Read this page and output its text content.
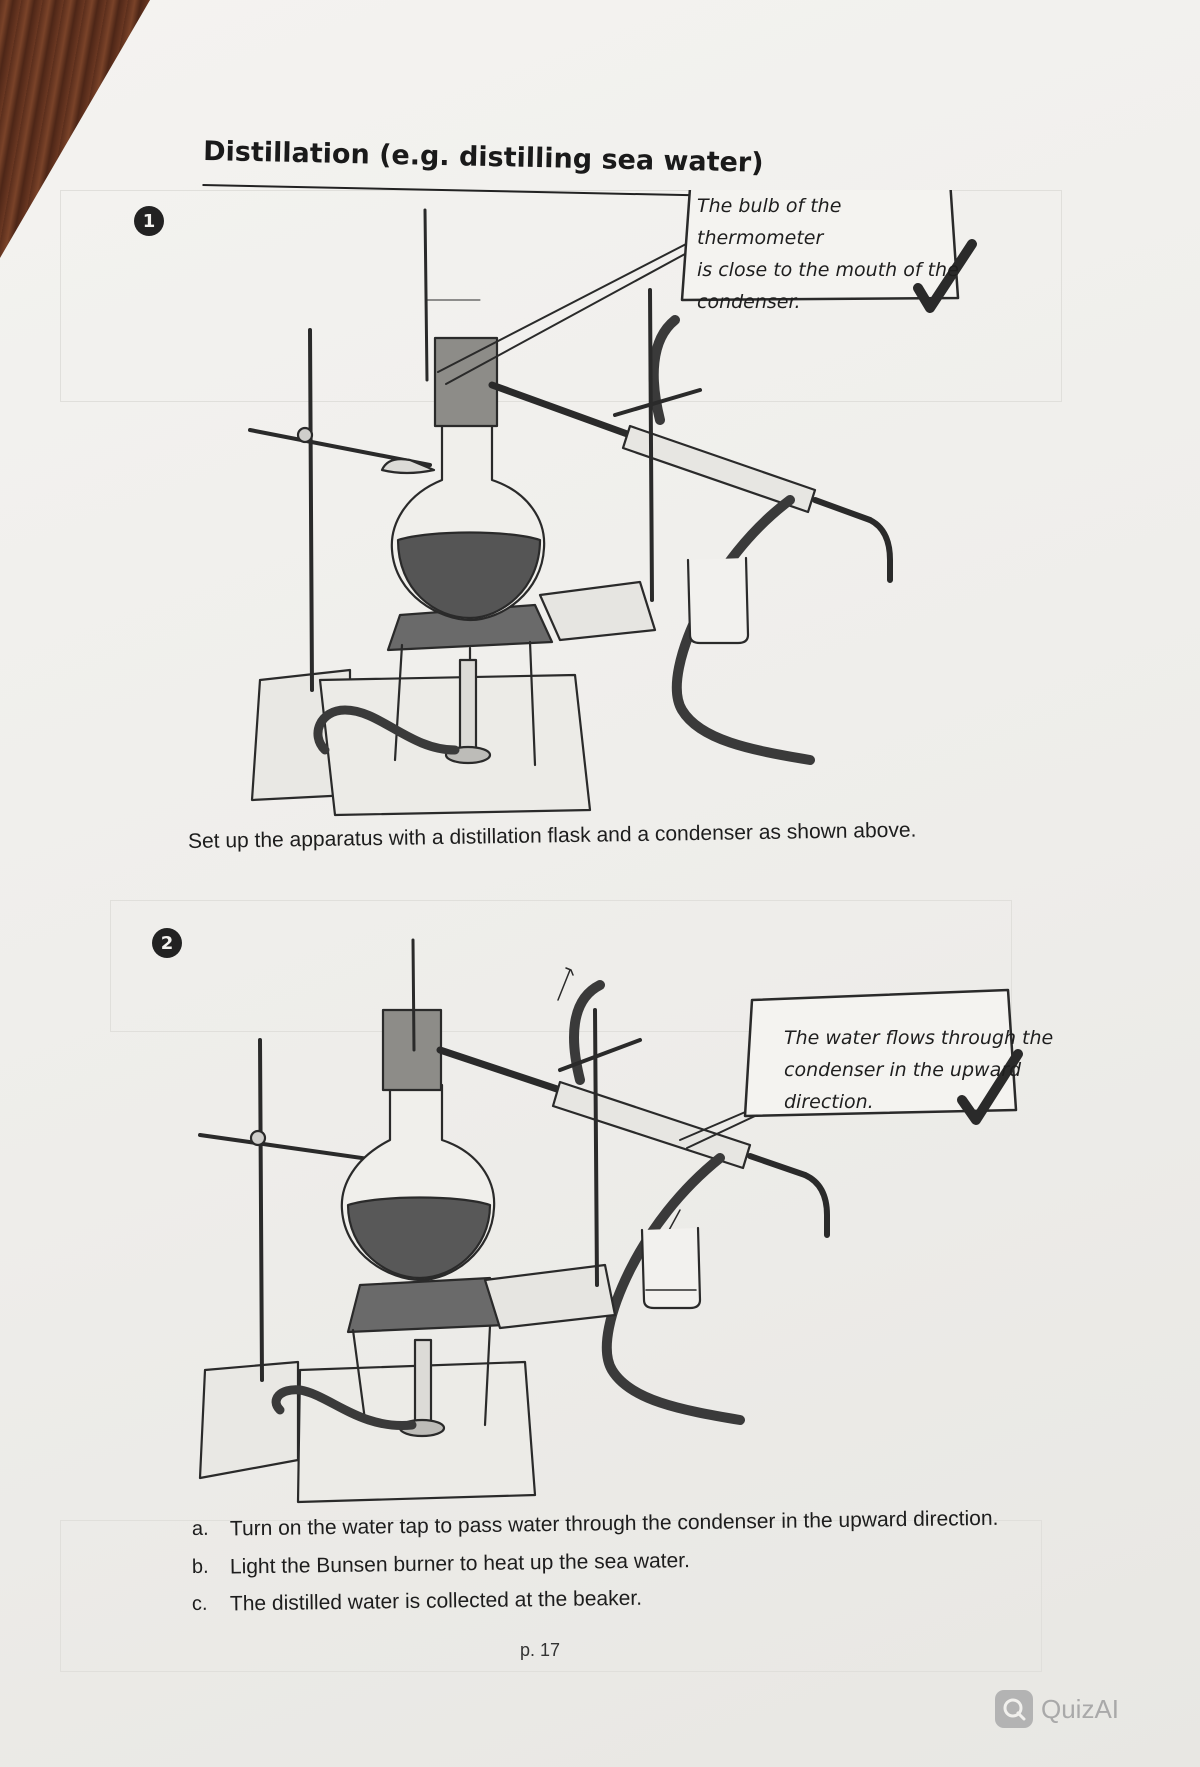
Distillation (e.g. distilling sea water)
1
The bulb of the thermometer
is close to the mouth of the
condenser.
Set up the apparatus with a distillation flask and a condenser as shown above.
2
The water flows through the
condenser in the upward
direction.
a. Turn on the water tap to pass water through the condenser in the upward direction.
b. Light the Bunsen burner to heat up the sea water.
c. The distilled water is collected at the beaker.
p. 17
QuizAI
